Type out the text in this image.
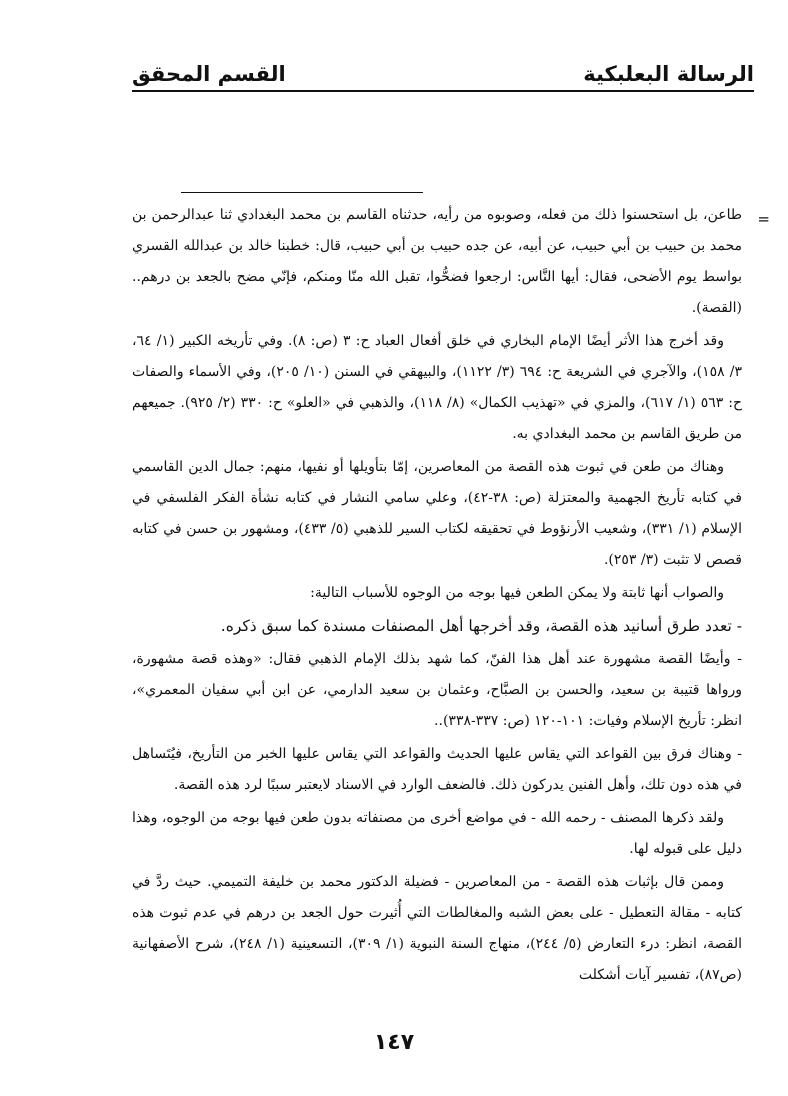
الرسالة البعلبكية
القسم المحقق
=

طاعن، بل استحسنوا ذلك من فعله، وصوبوه من رأيه، حدثناه القاسم بن محمد البغدادي ثنا عبدالرحمن بن محمد بن حبيب بن أبي حبيب، عن أبيه، عن جده حبيب بن أبي حبيب، قال: خطبنا خالد بن عبدالله القسري بواسط يوم الأضحى، فقال: أيها النَّاس: ارجعوا فضحُّوا، تقبل الله منّا ومنكم، فإنّي مضح بالجعد بن درهم.. (القصة).

وقد أخرج هذا الأثر أيضًا الإمام البخاري في خلق أفعال العباد ح: ٣ (ص: ٨). وفي تأريخه الكبير (١/ ٦٤، ٣/ ١٥٨)، والآجري في الشريعة ح: ٦٩٤ (٣/ ١١٢٢)، والبيهقي في السنن (١٠/ ٢٠٥)، وفي الأسماء والصفات ح: ٥٦٣ (١/ ٦١٧)، والمزي في «تهذيب الكمال» (٨/ ١١٨)، والذهبي في «العلو» ح: ٣٣٠ (٢/ ٩٢٥). جميعهم من طريق القاسم بن محمد البغدادي به.

وهناك من طعن في ثبوت هذه القصة من المعاصرين، إمّا بتأويلها أو نفيها، منهم: جمال الدين القاسمي في كتابه تأريخ الجهمية والمعتزلة (ص: ٣٨-٤٢)، وعلي سامي النشار في كتابه نشأة الفكر الفلسفي في الإسلام (١/ ٣٣١)، وشعيب الأرنؤوط في تحقيقه لكتاب السير للذهبي (٥/ ٤٣٣)، ومشهور بن حسن في كتابه قصص لا تثبت (٣/ ٢٥٣).

والصواب أنها ثابتة ولا يمكن الطعن فيها بوجه من الوجوه للأسباب التالية:

- تعدد طرق أسانيد هذه القصة، وقد أخرجها أهل المصنفات مسندة كما سبق ذكره.

- وأيضًا القصة مشهورة عند أهل هذا الفنّ، كما شهد بذلك الإمام الذهبي فقال: «وهذه قصة مشهورة، ورواها قتيبة بن سعيد، والحسن بن الصبَّاح، وعثمان بن سعيد الدارمي، عن ابن أبي سفيان المعمري»، انظر: تأريخ الإسلام وفيات: ١٠١-١٢٠ (ص: ٣٣٧-٣٣٨)..

- وهناك فرق بين القواعد التي يقاس عليها الحديث والقواعد التي يقاس عليها الخبر من التأريخ، فيُتَساهل في هذه دون تلك، وأهل الفنين يدركون ذلك. فالضعف الوارد في الاسناد لايعتبر سببًا لرد هذه القصة.

ولقد ذكرها المصنف - رحمه الله - في مواضع أخرى من مصنفاته بدون طعن فيها بوجه من الوجوه، وهذا دليل على قبوله لها.

وممن قال بإثبات هذه القصة - من المعاصرين - فضيلة الدكتور محمد بن خليفة التميمي. حيث ردَّ في كتابه - مقالة التعطيل - على بعض الشبه والمغالطات التي أُثيرت حول الجعد بن درهم في عدم ثبوت هذه القصة، انظر: درء التعارض (٥/ ٢٤٤)، منهاج السنة النبوية (١/ ٣٠٩)، التسعينية (١/ ٢٤٨)، شرح الأصفهانية (ص٨٧)، تفسير آيات أشكلت

١٤٧
